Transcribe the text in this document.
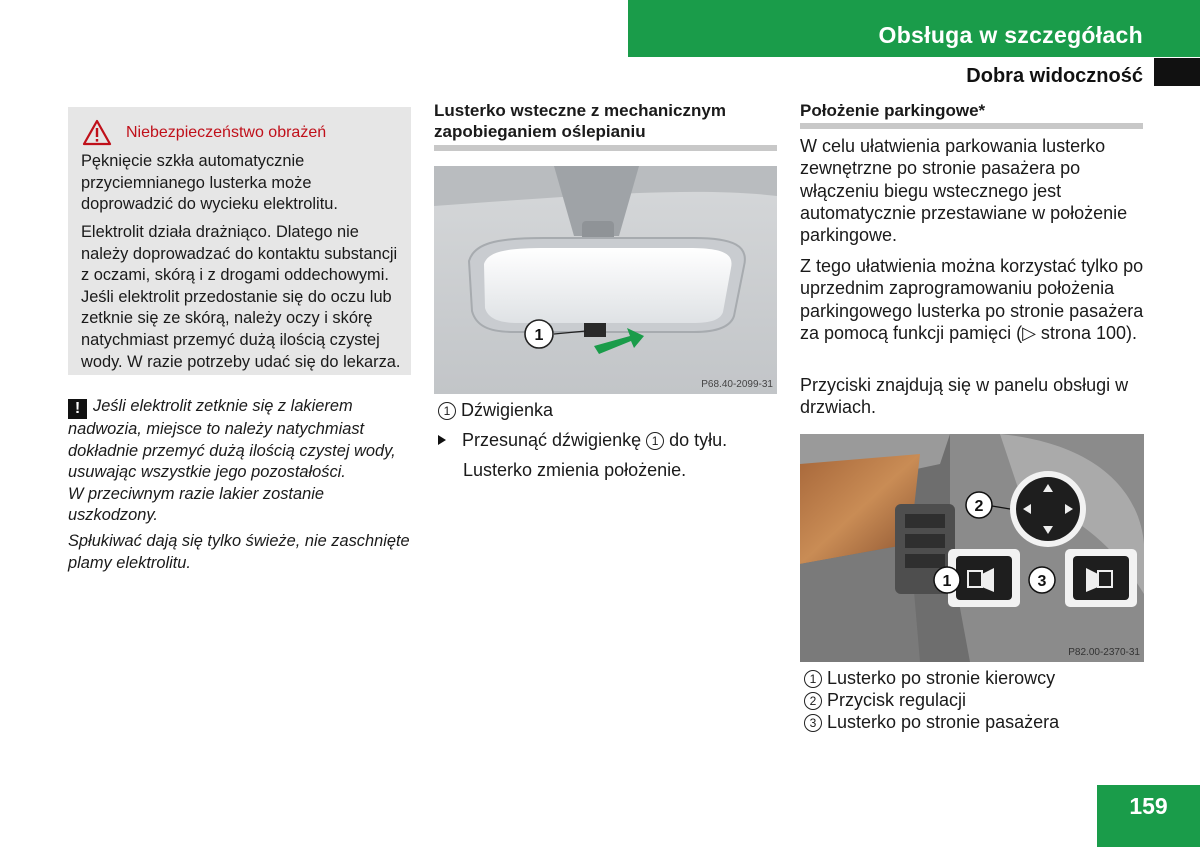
Obsługa w szczegółach
Dobra widoczność
Niebezpieczeństwo obrażeń

Pęknięcie szkła automatycznie przyciemnianego lusterka może doprowadzić do wycieku elektrolitu.

Elektrolit działa drażniąco. Dlatego nie należy doprowadzać do kontaktu substancji z oczami, skórą i z drogami oddechowymi. Jeśli elektrolit przedostanie się do oczu lub zetknie się ze skórą, należy oczy i skórę natychmiast przemyć dużą ilością czystej wody. W razie potrzeby udać się do lekarza.

! Jeśli elektrolit zetknie się z lakierem nadwozia, miejsce to należy natychmiast dokładnie przemyć dużą ilością czystej wody, usuwając wszystkie jego pozostałości.
W przeciwnym razie lakier zostanie uszkodzony.

Spłukiwać dają się tylko świeże, nie zaschnięte plamy elektrolitu.

Lusterko wsteczne z mechanicznym zapobieganiem oślepianiu
1
P68.40-2099-31
1 Dźwigienka
Przesunąć dźwigienkę 1 do tyłu.
Lusterko zmienia położenie.
Położenie parkingowe*

W celu ułatwienia parkowania lusterko zewnętrzne po stronie pasażera po włączeniu biegu wstecznego jest automatycznie przestawiane w położenie parkingowe.

Z tego ułatwienia można korzystać tylko po uprzednim zaprogramowaniu położenia parkingowego lusterka po stronie pasażera za pomocą funkcji pamięci (▷ strona 100).

Przyciski znajdują się w panelu obsługi w drzwiach.

2
1	3
P82.00-2370-31
1 Lusterko po stronie kierowcy
2 Przycisk regulacji
3 Lusterko po stronie pasażera
159
